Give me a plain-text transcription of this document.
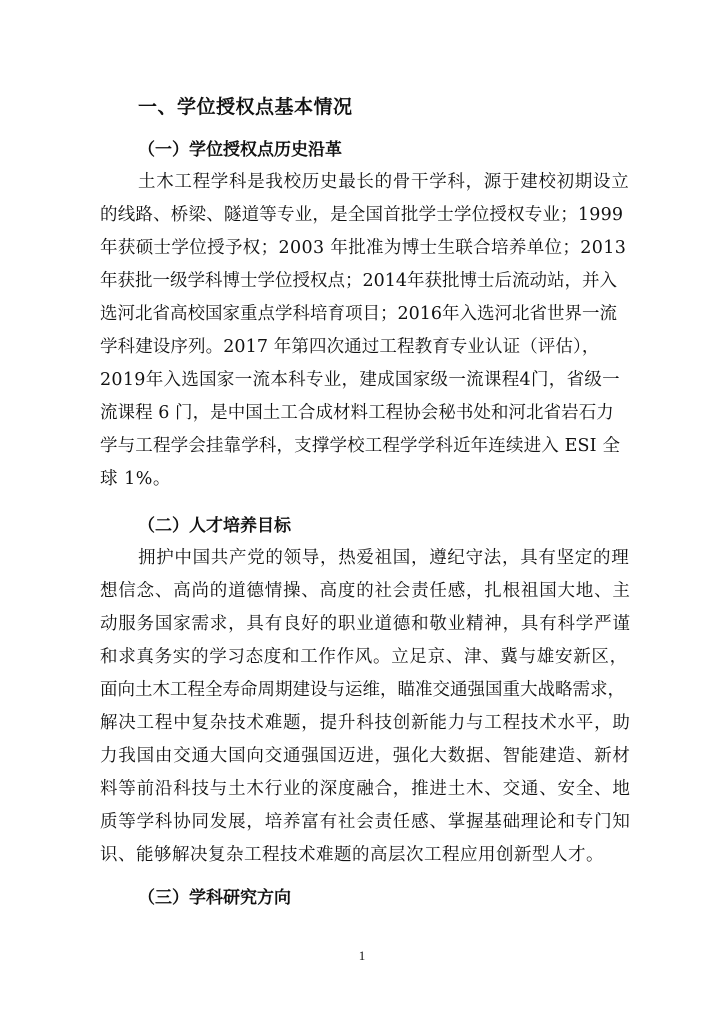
一、学位授权点基本情况
（一）学位授权点历史沿革
土木工程学科是我校历史最长的骨干学科，源于建校初期设立
的线路、桥梁、隧道等专业，是全国首批学士学位授权专业；1999
年获硕士学位授予权；2003 年批准为博士生联合培养单位；2013
年获批一级学科博士学位授权点；2014年获批博士后流动站，并入
选河北省高校国家重点学科培育项目；2016年入选河北省世界一流
学科建设序列。2017 年第四次通过工程教育专业认证（评估），
2019年入选国家一流本科专业，建成国家级一流课程4门，省级一
流课程 6 门，是中国土工合成材料工程协会秘书处和河北省岩石力
学与工程学会挂靠学科，支撑学校工程学学科近年连续进入 ESI 全
球 1%。
（二）人才培养目标
拥护中国共产党的领导，热爱祖国，遵纪守法，具有坚定的理
想信念、高尚的道德情操、高度的社会责任感，扎根祖国大地、主
动服务国家需求，具有良好的职业道德和敬业精神，具有科学严谨
和求真务实的学习态度和工作作风。立足京、津、冀与雄安新区，
面向土木工程全寿命周期建设与运维，瞄准交通强国重大战略需求，
解决工程中复杂技术难题，提升科技创新能力与工程技术水平，助
力我国由交通大国向交通强国迈进，强化大数据、智能建造、新材
料等前沿科技与土木行业的深度融合，推进土木、交通、安全、地
质等学科协同发展，培养富有社会责任感、掌握基础理论和专门知
识、能够解决复杂工程技术难题的高层次工程应用创新型人才。
（三）学科研究方向
1
